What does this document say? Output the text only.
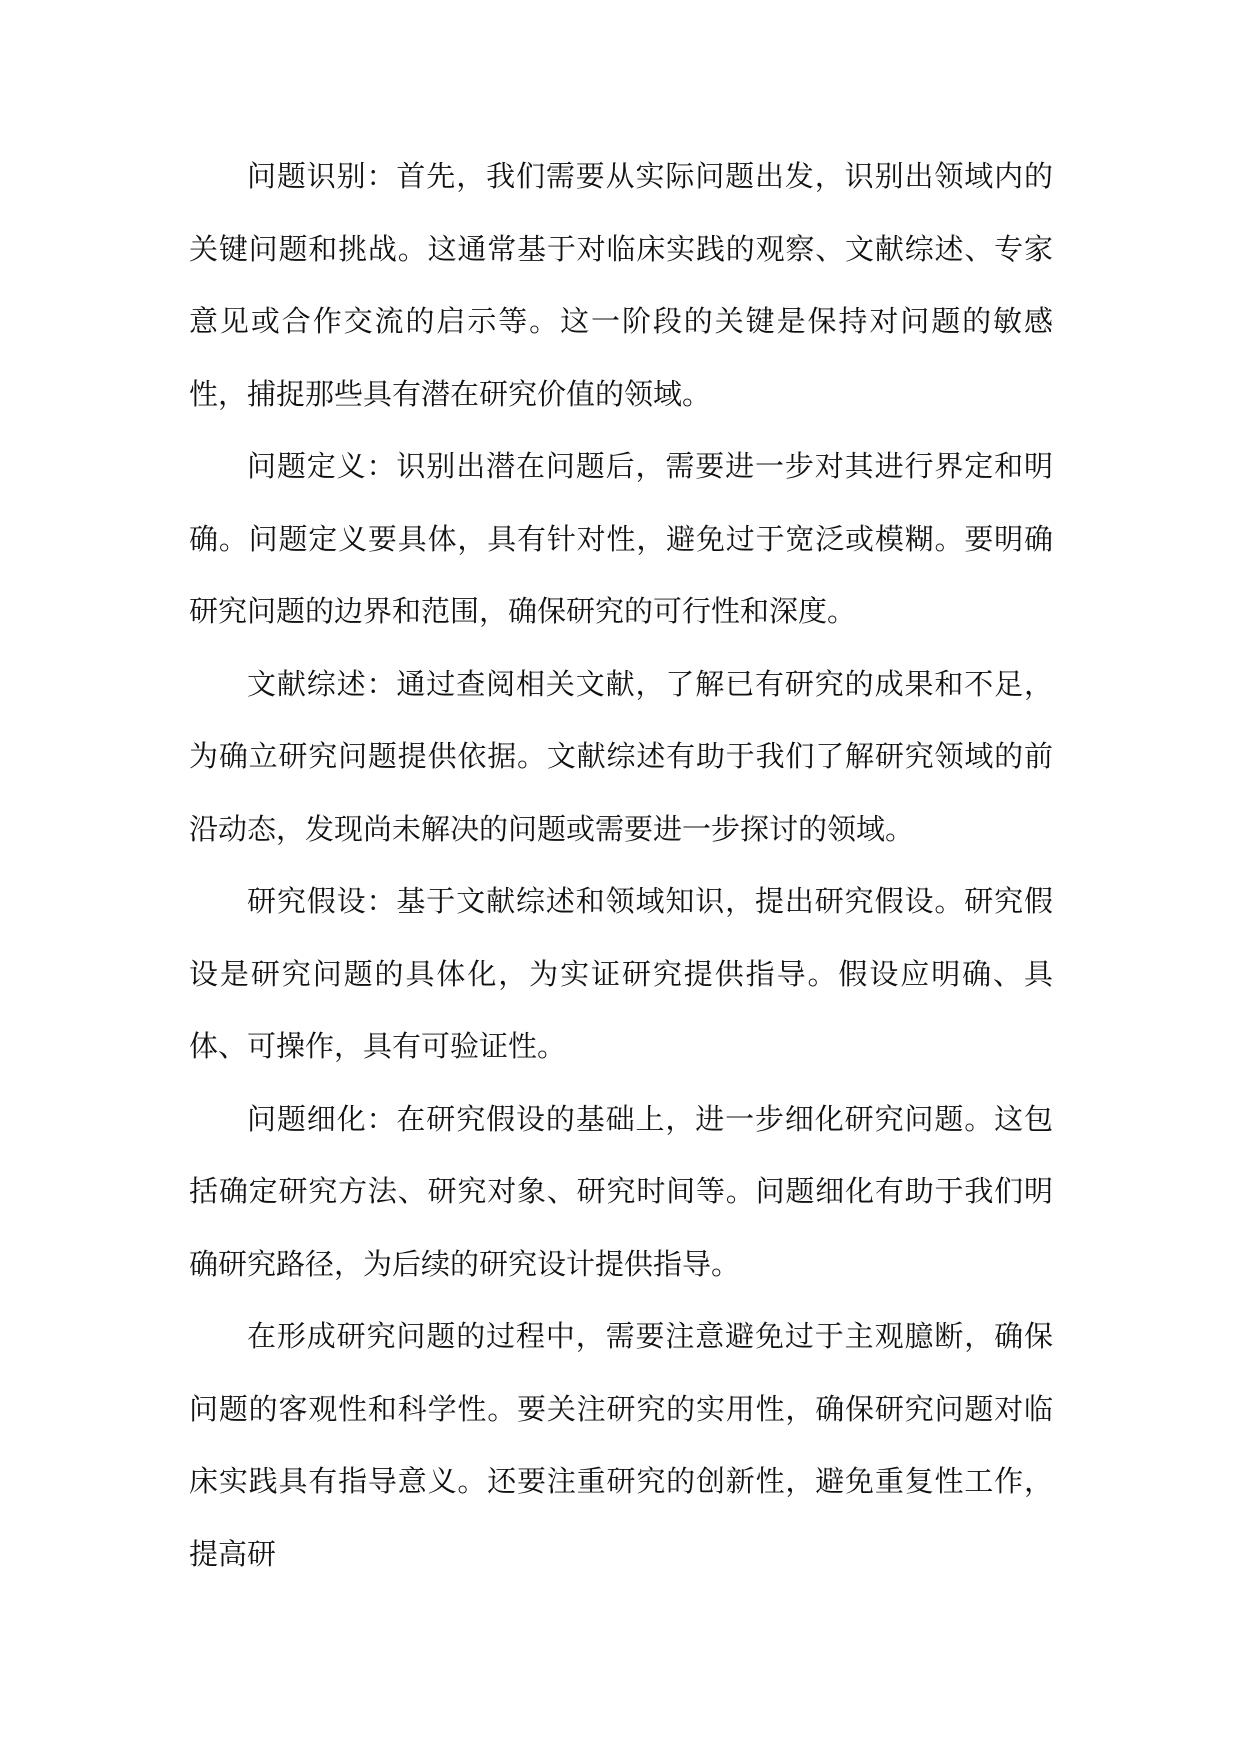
问题识别：首先，我们需要从实际问题出发，识别出领域内的关键问题和挑战。这通常基于对临床实践的观察、文献综述、专家意见或合作交流的启示等。这一阶段的关键是保持对问题的敏感性，捕捉那些具有潜在研究价值的领域。

问题定义：识别出潜在问题后，需要进一步对其进行界定和明确。问题定义要具体，具有针对性，避免过于宽泛或模糊。要明确研究问题的边界和范围，确保研究的可行性和深度。

文献综述：通过查阅相关文献，了解已有研究的成果和不足，为确立研究问题提供依据。文献综述有助于我们了解研究领域的前沿动态，发现尚未解决的问题或需要进一步探讨的领域。

研究假设：基于文献综述和领域知识，提出研究假设。研究假设是研究问题的具体化，为实证研究提供指导。假设应明确、具体、可操作，具有可验证性。

问题细化：在研究假设的基础上，进一步细化研究问题。这包括确定研究方法、研究对象、研究时间等。问题细化有助于我们明确研究路径，为后续的研究设计提供指导。

在形成研究问题的过程中，需要注意避免过于主观臆断，确保问题的客观性和科学性。要关注研究的实用性，确保研究问题对临床实践具有指导意义。还要注重研究的创新性，避免重复性工作，提高研
